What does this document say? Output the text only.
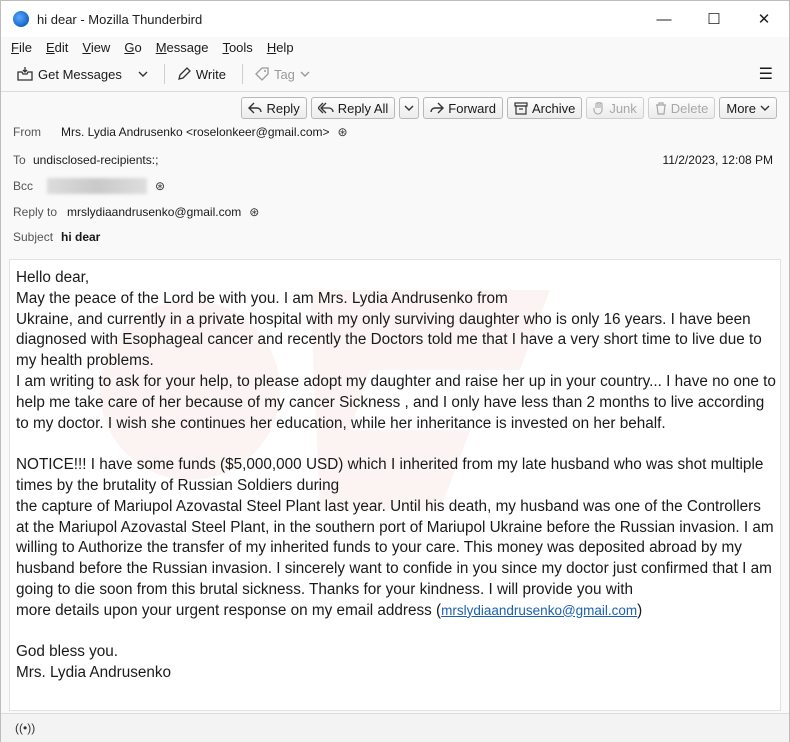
hi dear - Mozilla Thunderbird	—	☐	✕
File Edit View Go Message Tools Help
Get Messages	Write	Tag	☰
Reply	Reply All	Forward	Archive	Junk	Delete More
From	Mrs. Lydia Andrusenko <roselonkeer@gmail.com> ⊛
To undisclosed-recipients:;	11/2/2023, 12:08 PM
Bcc	⊛
Reply to mrslydiaandrusenko@gmail.com ⊛
Subject hi dear

Hello dear,

May the peace of the Lord be with you. I am Mrs. Lydia Andrusenko from

Ukraine, and currently in a private hospital with my only surviving daughter who is only 16 years. I have been diagnosed with Esophageal cancer and recently the Doctors told me that I have a very short time to live due to my health problems.

I am writing to ask for your help, to please adopt my daughter and raise her up in your country... I have no one to help me take care of her because of my cancer Sickness , and I only have less than 2 months to live according to my doctor. I wish she continues her education, while her inheritance is invested on her behalf.

NOTICE!!! I have some funds ($5,000,000 USD) which I inherited from my late husband who was shot multiple times by the brutality of Russian Soldiers during

the capture of Mariupol Azovastal Steel Plant last year. Until his death, my husband was one of the Controllers at the Mariupol Azovastal Steel Plant, in the southern port of Mariupol Ukraine before the Russian invasion. I am willing to Authorize the transfer of my inherited funds to your care. This money was deposited abroad by my husband before the Russian invasion. I sincerely want to confide in you since my doctor just confirmed that I am going to die soon from this brutal sickness. Thanks for your kindness. I will provide you with

more details upon your urgent response on my email address (mrslydiaandrusenko@gmail.com)

God bless you.

Mrs. Lydia Andrusenko

((•))
